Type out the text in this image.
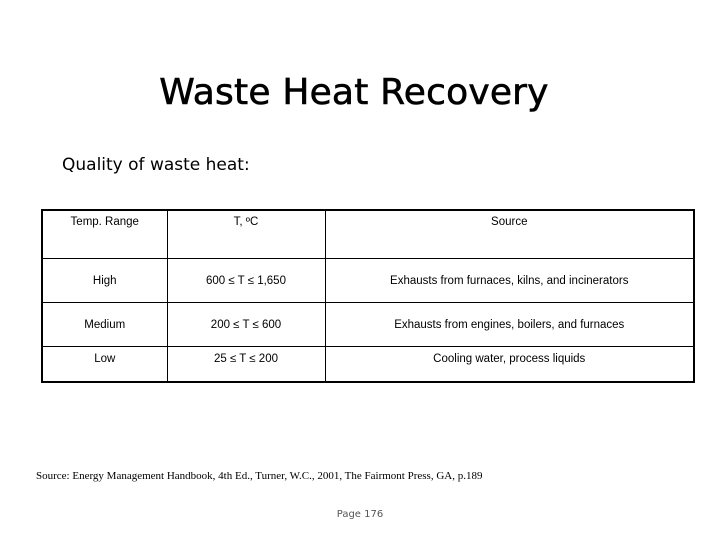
Waste Heat Recovery
Quality of waste heat:
Temp. Range	T, ºC	Source
High	600 ≤ T ≤ 1,650	Exhausts from furnaces, kilns, and incinerators
Medium	200 ≤ T ≤ 600	Exhausts from engines, boilers, and furnaces
Low	25 ≤ T ≤ 200	Cooling water, process liquids
Source: Energy Management Handbook, 4th Ed., Turner, W.C., 2001, The Fairmont Press, GA, p.189
Page 176
